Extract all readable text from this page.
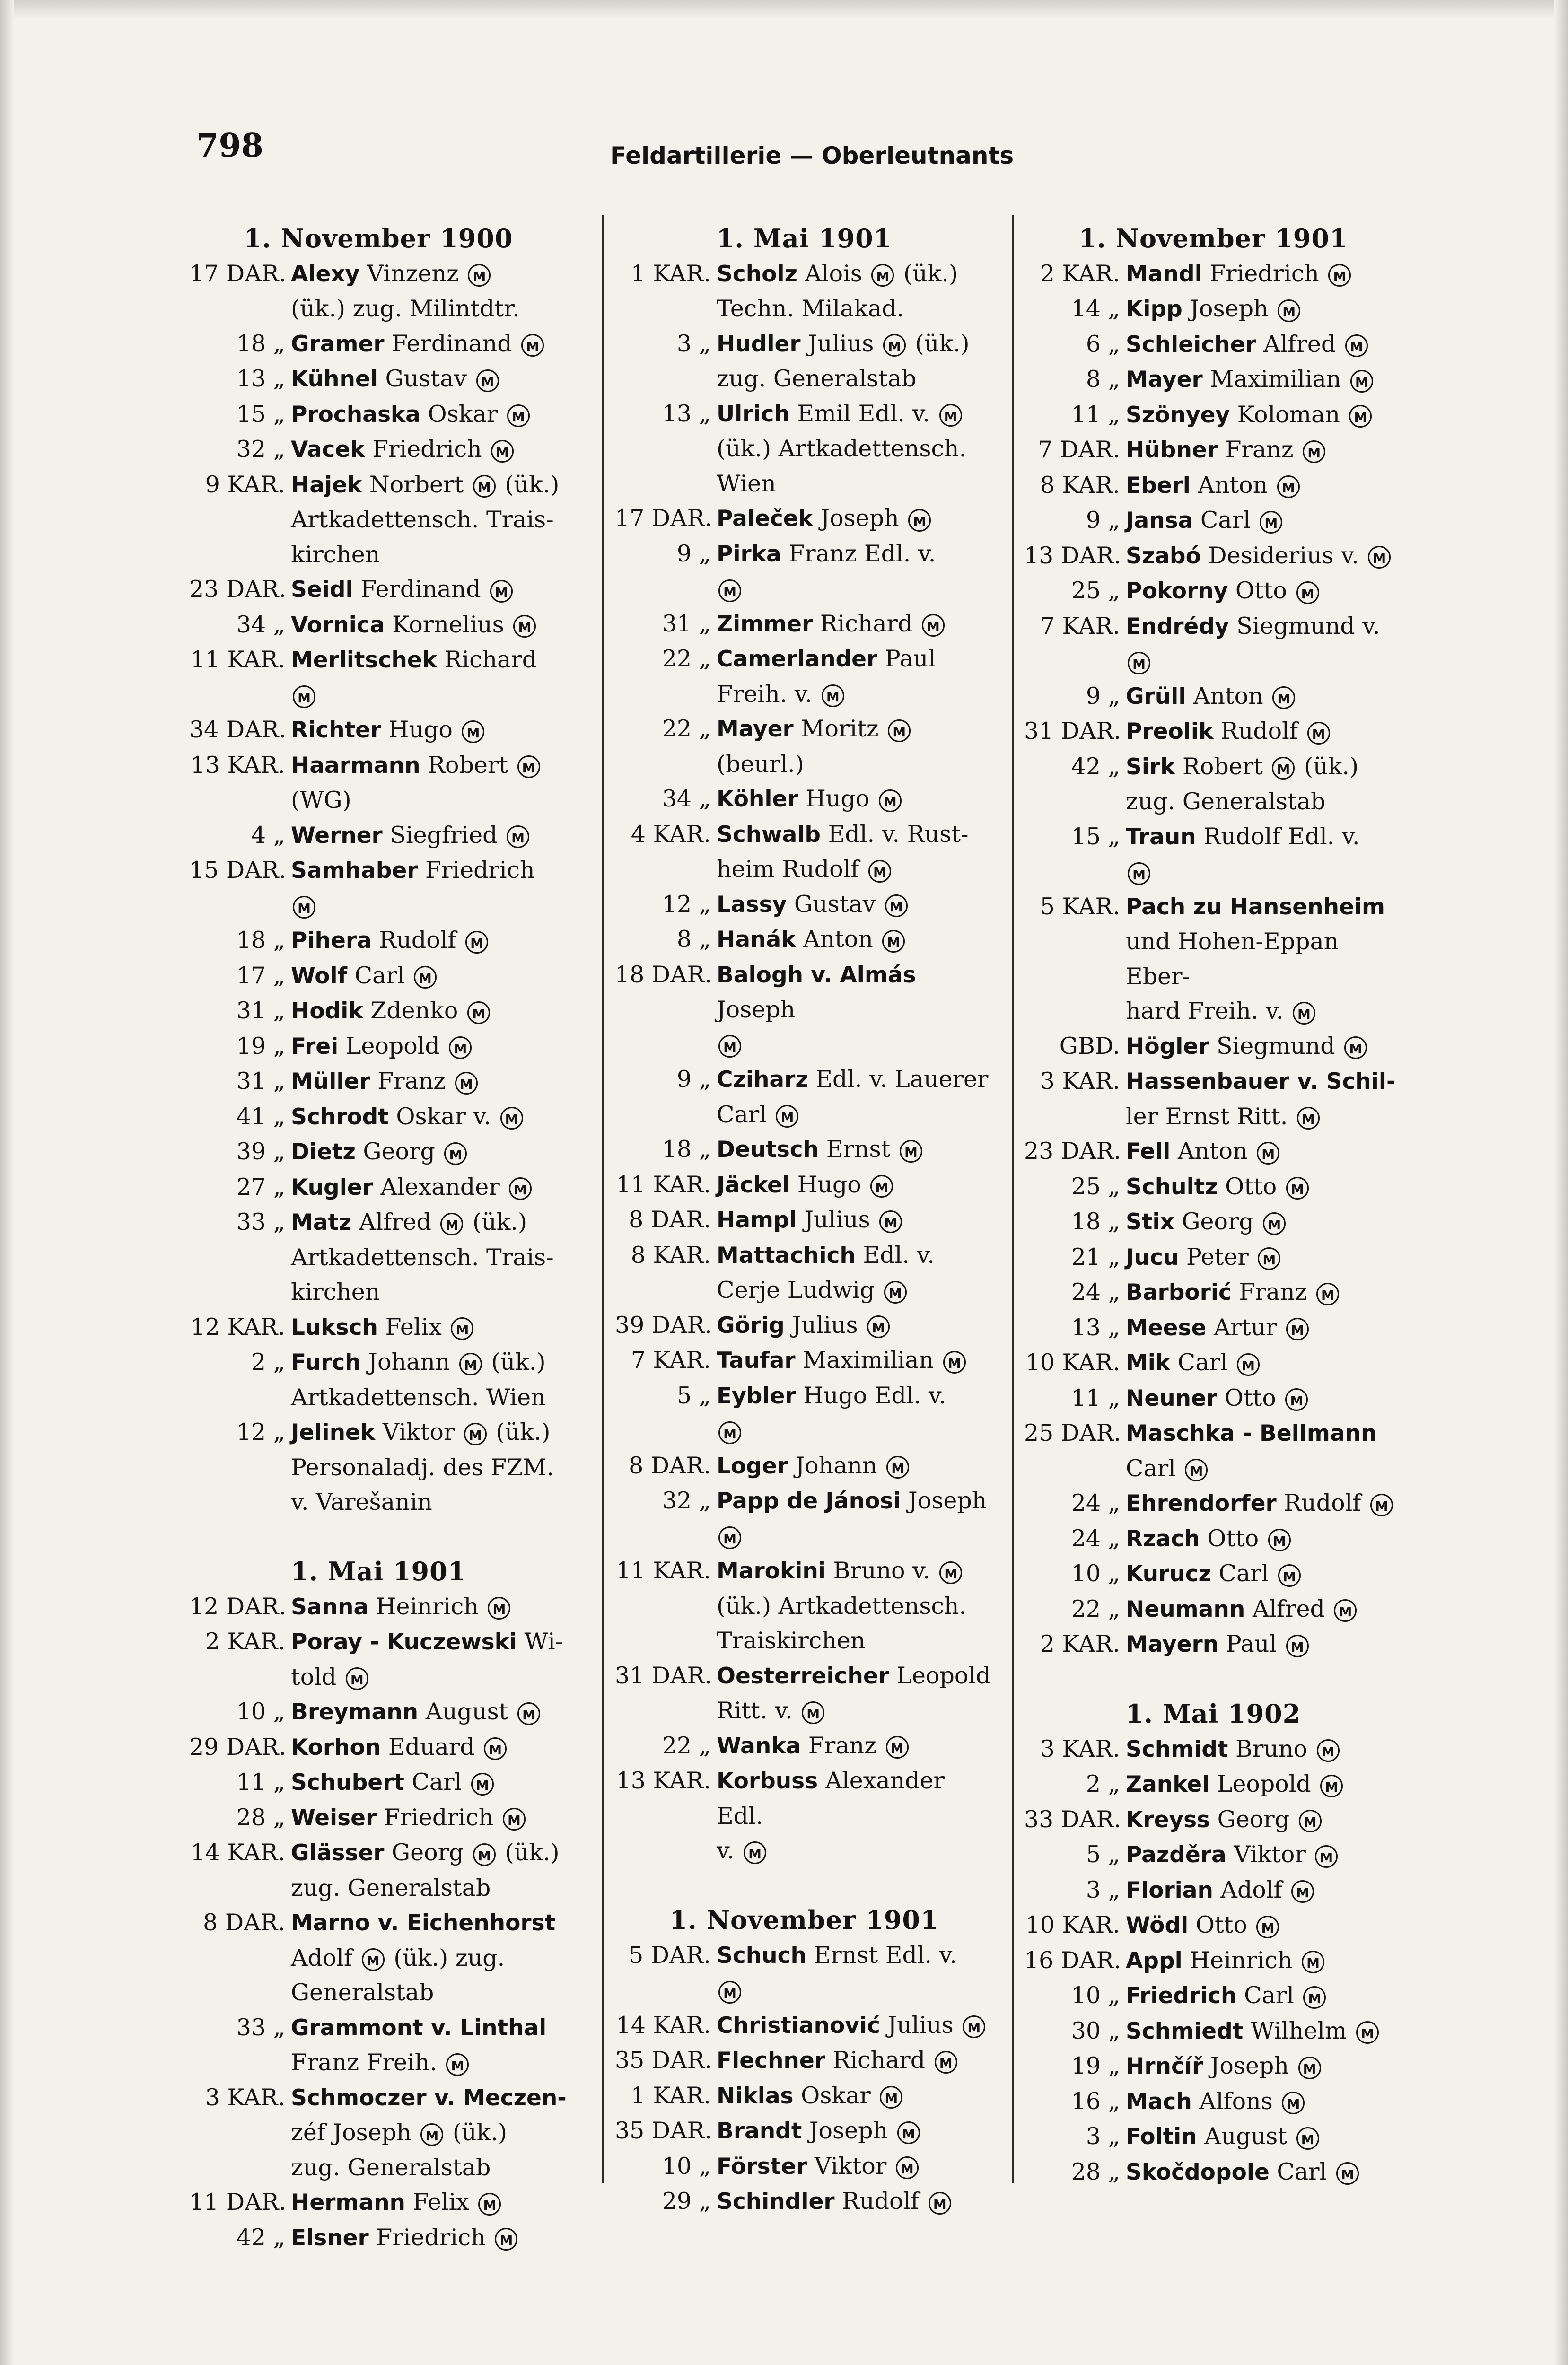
798	Feldartillerie — Oberleutnants
1. November 1900
17 DAR. Alexy Vinzenz M
(ük.) zug. Milintdtr.
18 „ Gramer Ferdinand M
13 „ Kühnel Gustav M
15 „ Prochaska Oskar M
32 „ Vacek Friedrich M
9 KAR. Hajek Norbert M (ük.)
Artkadettensch. Trais-
kirchen
23 DAR. Seidl Ferdinand M
34 „ Vornica Kornelius M
11 KAR. Merlitschek Richard M
34 DAR. Richter Hugo M
13 KAR. Haarmann Robert M
(WG)
4 „ Werner Siegfried M
15 DAR. Samhaber Friedrich M
18 „ Pihera Rudolf M
17 „ Wolf Carl M
31 „ Hodik Zdenko M
19 „ Frei Leopold M
31 „ Müller Franz M
41 „ Schrodt Oskar v. M
39 „ Dietz Georg M
27 „ Kugler Alexander M
33 „ Matz Alfred M (ük.)
Artkadettensch. Trais-
kirchen
12 KAR. Luksch Felix M
2 „ Furch Johann M (ük.)
Artkadettensch. Wien
12 „ Jelinek Viktor M (ük.)
Personaladj. des FZM.
v. Varešanin
1. Mai 1901
12 DAR. Sanna Heinrich M
2 KAR. Poray - Kuczewski Wi-
told M
10 „ Breymann August M
29 DAR. Korhon Eduard M
11 „ Schubert Carl M
28 „ Weiser Friedrich M
14 KAR. Glässer Georg M (ük.)
zug. Generalstab
8 DAR. Marno v. Eichenhorst
Adolf M (ük.) zug.
Generalstab
33 „ Grammont v. Linthal
Franz Freih. M
3 KAR. Schmoczer v. Meczen-
zéf Joseph M (ük.)
zug. Generalstab
11 DAR. Hermann Felix M
42 „ Elsner Friedrich M
1. Mai 1901
1 KAR. Scholz Alois M (ük.)
Techn. Milakad.
3 „ Hudler Julius M (ük.)
zug. Generalstab
13 „ Ulrich Emil Edl. v. M
(ük.) Artkadettensch.
Wien
17 DAR. Paleček Joseph M
9 „ Pirka Franz Edl. v.
M
31 „ Zimmer Richard M
22 „ Camerlander Paul
Freih. v. M
22 „ Mayer Moritz M
(beurl.)
34 „ Köhler Hugo M
4 KAR. Schwalb Edl. v. Rust-
heim Rudolf M
12 „ Lassy Gustav M
8 „ Hanák Anton M
18 DAR. Balogh v. Almás Joseph
M
9 „ Cziharz Edl. v. Lauerer
Carl M
18 „ Deutsch Ernst M
11 KAR. Jäckel Hugo M
8 DAR. Hampl Julius M
8 KAR. Mattachich Edl. v.
Cerje Ludwig M
39 DAR. Görig Julius M
7 KAR. Taufar Maximilian M
5 „ Eybler Hugo Edl. v.
M
8 DAR. Loger Johann M
32 „ Papp de Jánosi Joseph
M
11 KAR. Marokini Bruno v. M
(ük.) Artkadettensch.
Traiskirchen
31 DAR. Oesterreicher Leopold
Ritt. v. M
22 „ Wanka Franz M
13 KAR. Korbuss Alexander Edl.
v. M
1. November 1901
5 DAR. Schuch Ernst Edl. v.
M
14 KAR. Christianović Julius M
35 DAR. Flechner Richard M
1 KAR. Niklas Oskar M
35 DAR. Brandt Joseph M
10 „ Förster Viktor M
29 „ Schindler Rudolf M
1. November 1901
2 KAR. Mandl Friedrich M
14 „ Kipp Joseph M
6 „ Schleicher Alfred M
8 „ Mayer Maximilian M
11 „ Szönyey Koloman M
7 DAR. Hübner Franz M
8 KAR. Eberl Anton M
9 „ Jansa Carl M
13 DAR. Szabó Desiderius v. M
25 „ Pokorny Otto M
7 KAR. Endrédy Siegmund v.
M
9 „ Grüll Anton M
31 DAR. Preolik Rudolf M
42 „ Sirk Robert M (ük.)
zug. Generalstab
15 „ Traun Rudolf Edl. v.
M
5 KAR. Pach zu Hansenheim
und Hohen-Eppan Eber-
hard Freih. v. M
GBD. Högler Siegmund M
3 KAR. Hassenbauer v. Schil-
ler Ernst Ritt. M
23 DAR. Fell Anton M
25 „ Schultz Otto M
18 „ Stix Georg M
21 „ Jucu Peter M
24 „ Barborić Franz M
13 „ Meese Artur M
10 KAR. Mik Carl M
11 „ Neuner Otto M
25 DAR. Maschka - Bellmann
Carl M
24 „ Ehrendorfer Rudolf M
24 „ Rzach Otto M
10 „ Kurucz Carl M
22 „ Neumann Alfred M
2 KAR. Mayern Paul M
1. Mai 1902
3 KAR. Schmidt Bruno M
2 „ Zankel Leopold M
33 DAR. Kreyss Georg M
5 „ Pazděra Viktor M
3 „ Florian Adolf M
10 KAR. Wödl Otto M
16 DAR. Appl Heinrich M
10 „ Friedrich Carl M
30 „ Schmiedt Wilhelm M
19 „ Hrnčíř Joseph M
16 „ Mach Alfons M
3 „ Foltin August M
28 „ Skočdopole Carl M
